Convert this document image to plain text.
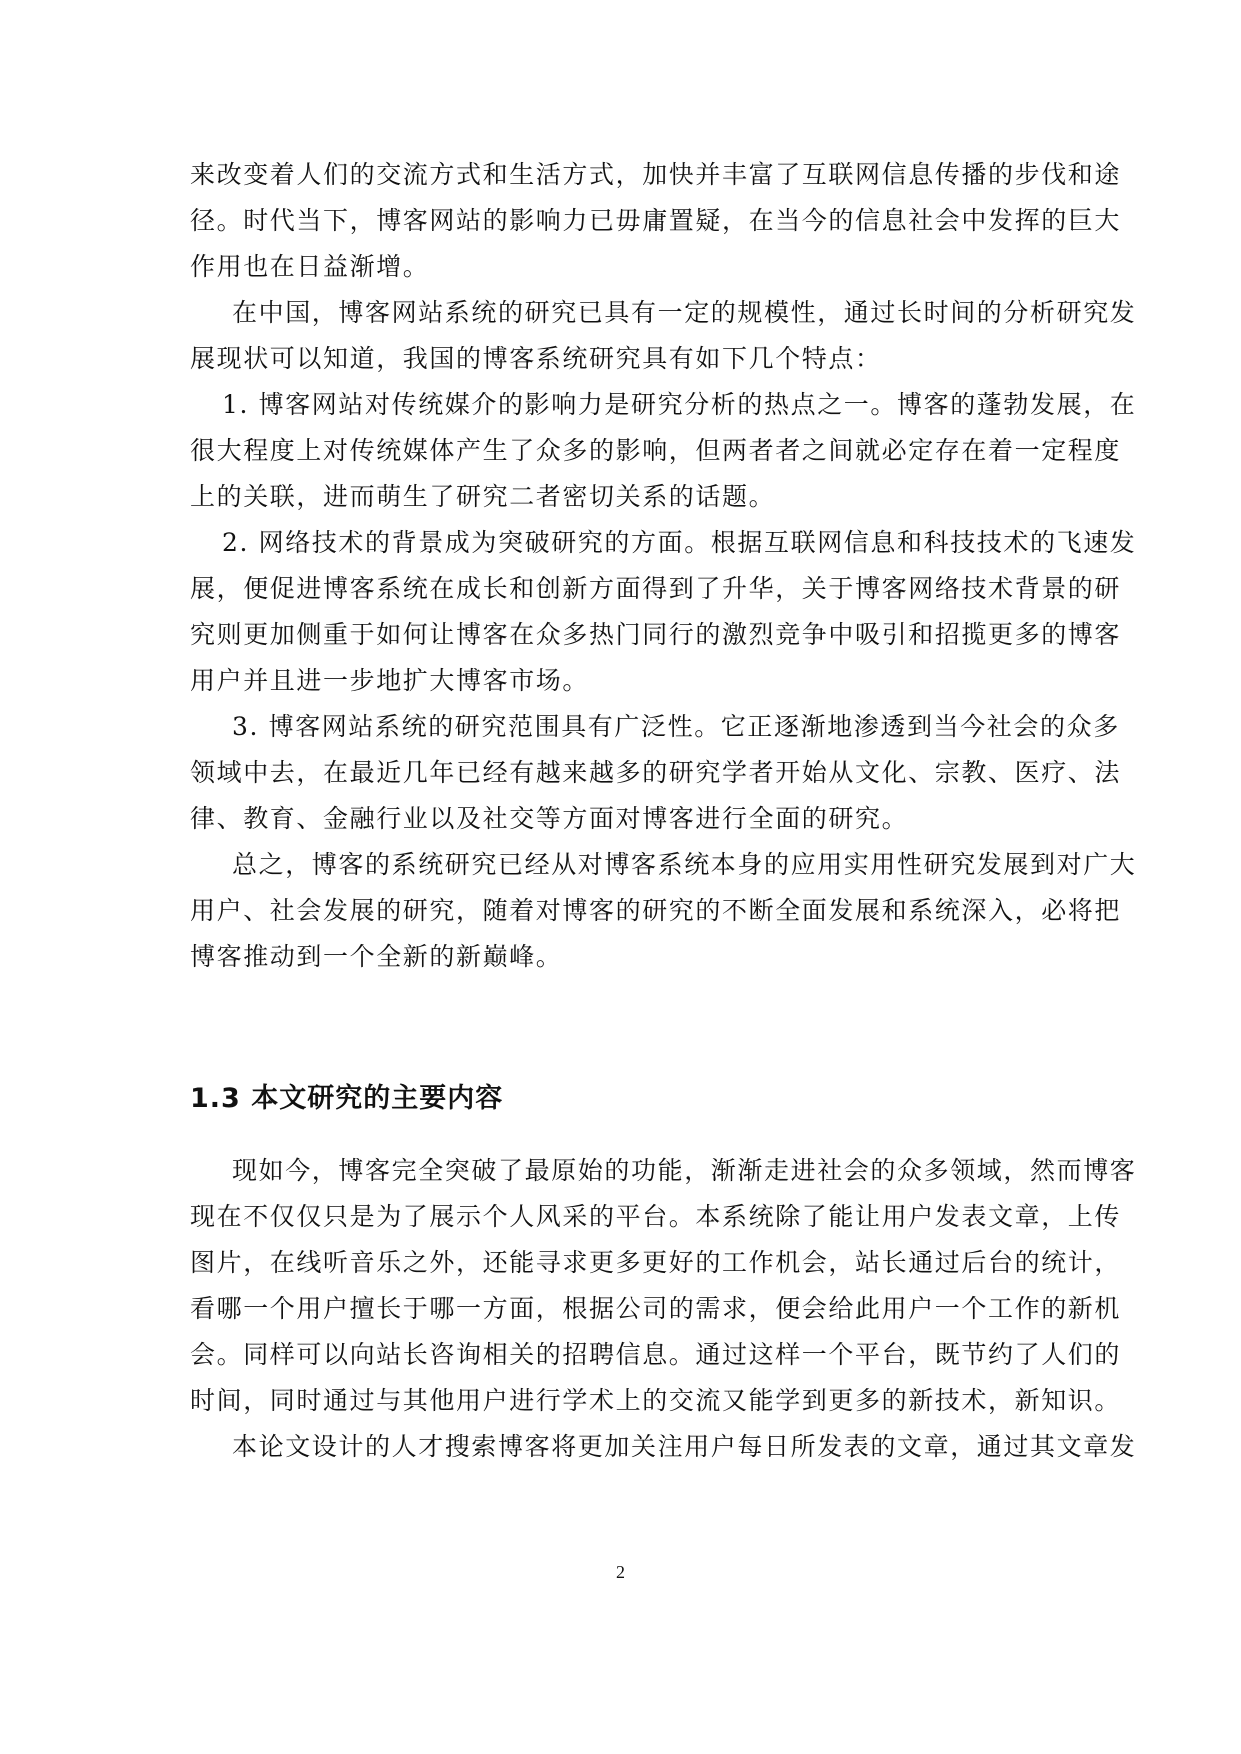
来改变着人们的交流方式和生活方式，加快并丰富了互联网信息传播的步伐和途
径。时代当下，博客网站的影响力已毋庸置疑，在当今的信息社会中发挥的巨大
作用也在日益渐增。
在中国，博客网站系统的研究已具有一定的规模性，通过长时间的分析研究发
展现状可以知道，我国的博客系统研究具有如下几个特点：
1. 博客网站对传统媒介的影响力是研究分析的热点之一。博客的蓬勃发展，在
很大程度上对传统媒体产生了众多的影响，但两者者之间就必定存在着一定程度
上的关联，进而萌生了研究二者密切关系的话题。
2. 网络技术的背景成为突破研究的方面。根据互联网信息和科技技术的飞速发
展，便促进博客系统在成长和创新方面得到了升华，关于博客网络技术背景的研
究则更加侧重于如何让博客在众多热门同行的激烈竞争中吸引和招揽更多的博客
用户并且进一步地扩大博客市场。
3. 博客网站系统的研究范围具有广泛性。它正逐渐地渗透到当今社会的众多
领域中去，在最近几年已经有越来越多的研究学者开始从文化、宗教、医疗、法
律、教育、金融行业以及社交等方面对博客进行全面的研究。
总之，博客的系统研究已经从对博客系统本身的应用实用性研究发展到对广大
用户、社会发展的研究，随着对博客的研究的不断全面发展和系统深入，必将把
博客推动到一个全新的新巅峰。
1.3 本文研究的主要内容
现如今，博客完全突破了最原始的功能，渐渐走进社会的众多领域，然而博客
现在不仅仅只是为了展示个人风采的平台。本系统除了能让用户发表文章，上传
图片，在线听音乐之外，还能寻求更多更好的工作机会，站长通过后台的统计，
看哪一个用户擅长于哪一方面，根据公司的需求，便会给此用户一个工作的新机
会。同样可以向站长咨询相关的招聘信息。通过这样一个平台，既节约了人们的
时间，同时通过与其他用户进行学术上的交流又能学到更多的新技术，新知识。
本论文设计的人才搜索博客将更加关注用户每日所发表的文章，通过其文章发
2
